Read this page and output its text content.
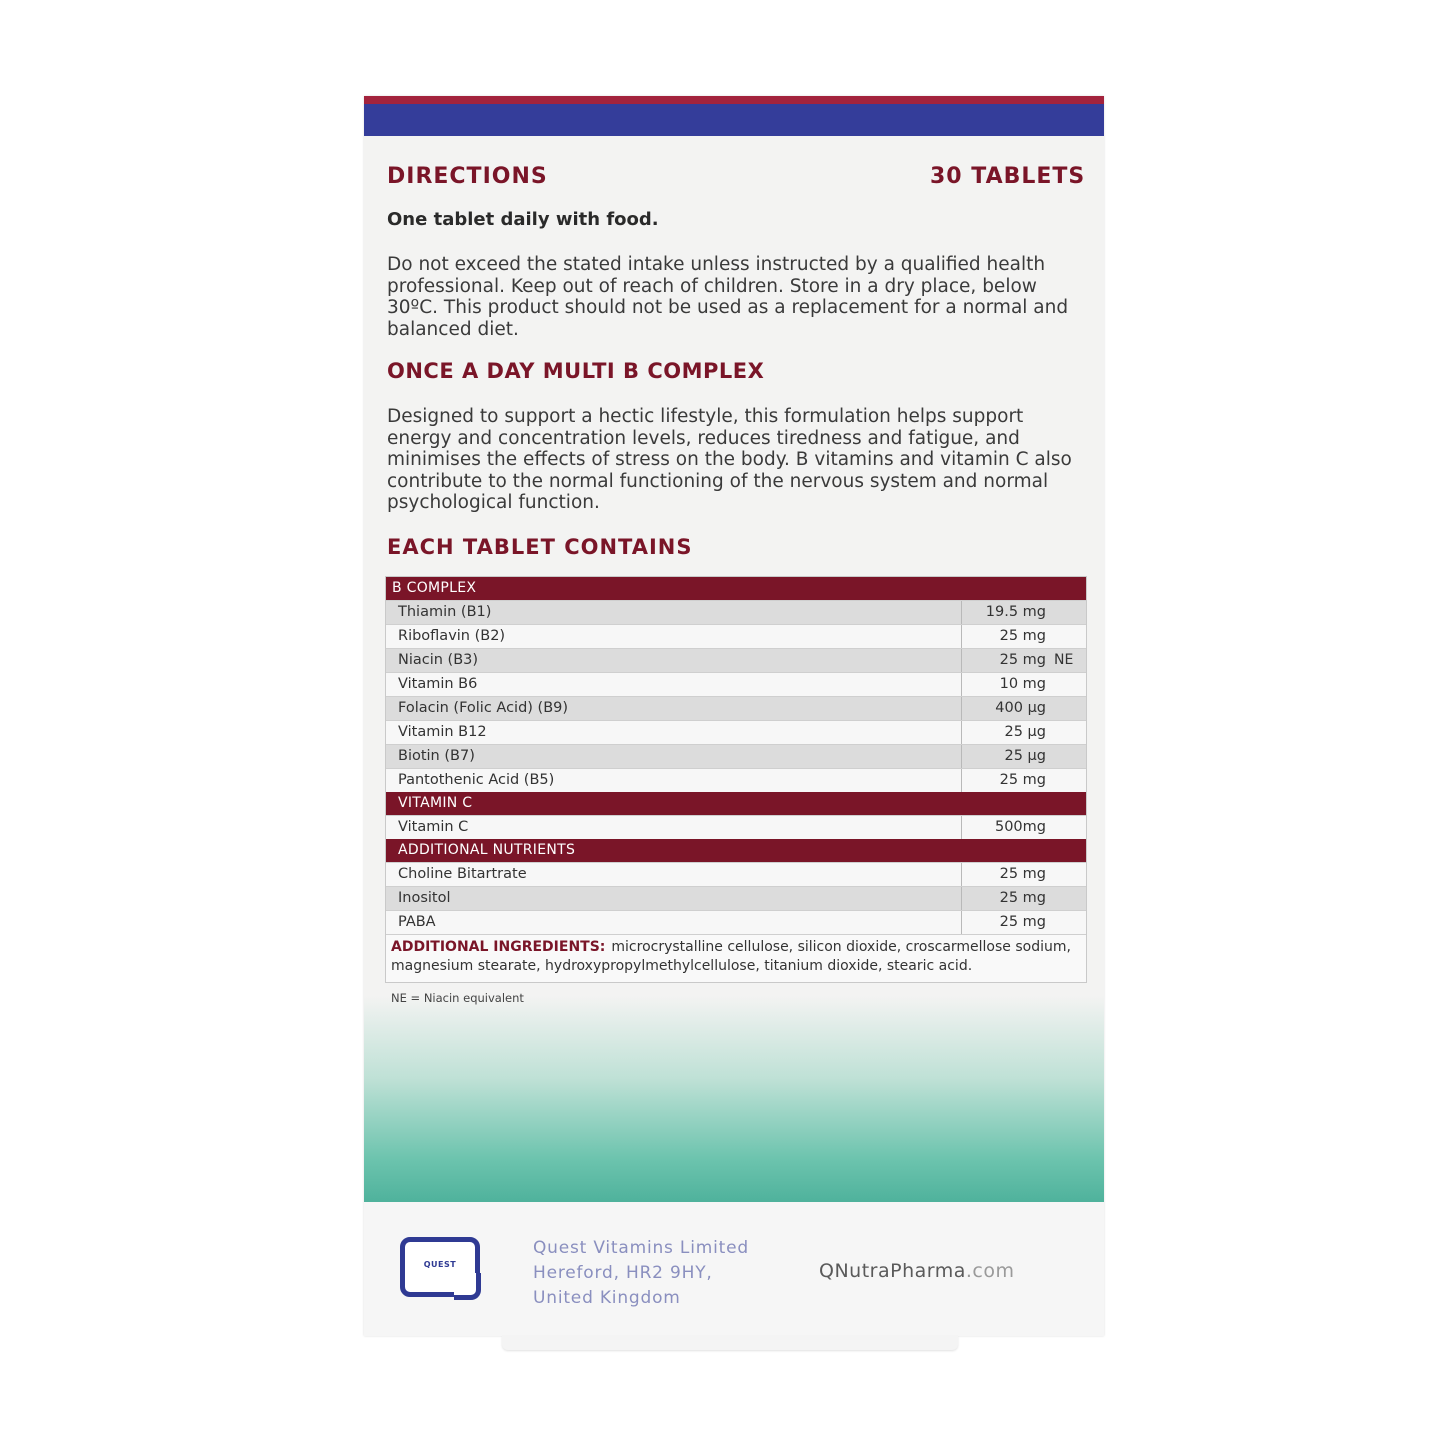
DIRECTIONS	30 TABLETS

One tablet daily with food.

Do not exceed the stated intake unless instructed by a qualified health professional. Keep out of reach of children. Store in a dry place, below 30ºC. This product should not be used as a replacement for a normal and balanced diet.

ONCE A DAY MULTI B COMPLEX

Designed to support a hectic lifestyle, this formulation helps support energy and concentration levels, reduces tiredness and fatigue, and minimises the effects of stress on the body. B vitamins and vitamin C also contribute to the normal functioning of the nervous system and normal psychological function.

EACH TABLET CONTAINS
B COMPLEX
Thiamin (B1)	19.5 mg
Riboflavin (B2)	25 mg
Niacin (B3)	25 mg NE
Vitamin B6	10 mg
Folacin (Folic Acid) (B9)	400 µg
Vitamin B12	25 µg
Biotin (B7)	25 µg
Pantothenic Acid (B5)	25 mg
VITAMIN C
Vitamin C	500mg
ADDITIONAL NUTRIENTS
Choline Bitartrate	25 mg
Inositol	25 mg
PABA	25 mg
ADDITIONAL INGREDIENTS: microcrystalline cellulose, silicon dioxide, croscarmellose sodium, magnesium stearate, hydroxypropylmethylcellulose, titanium dioxide, stearic acid.

NE = Niacin equivalent

QUEST
Quest Vitamins Limited
Hereford, HR2 9HY,
United Kingdom
QNutraPharma.com
